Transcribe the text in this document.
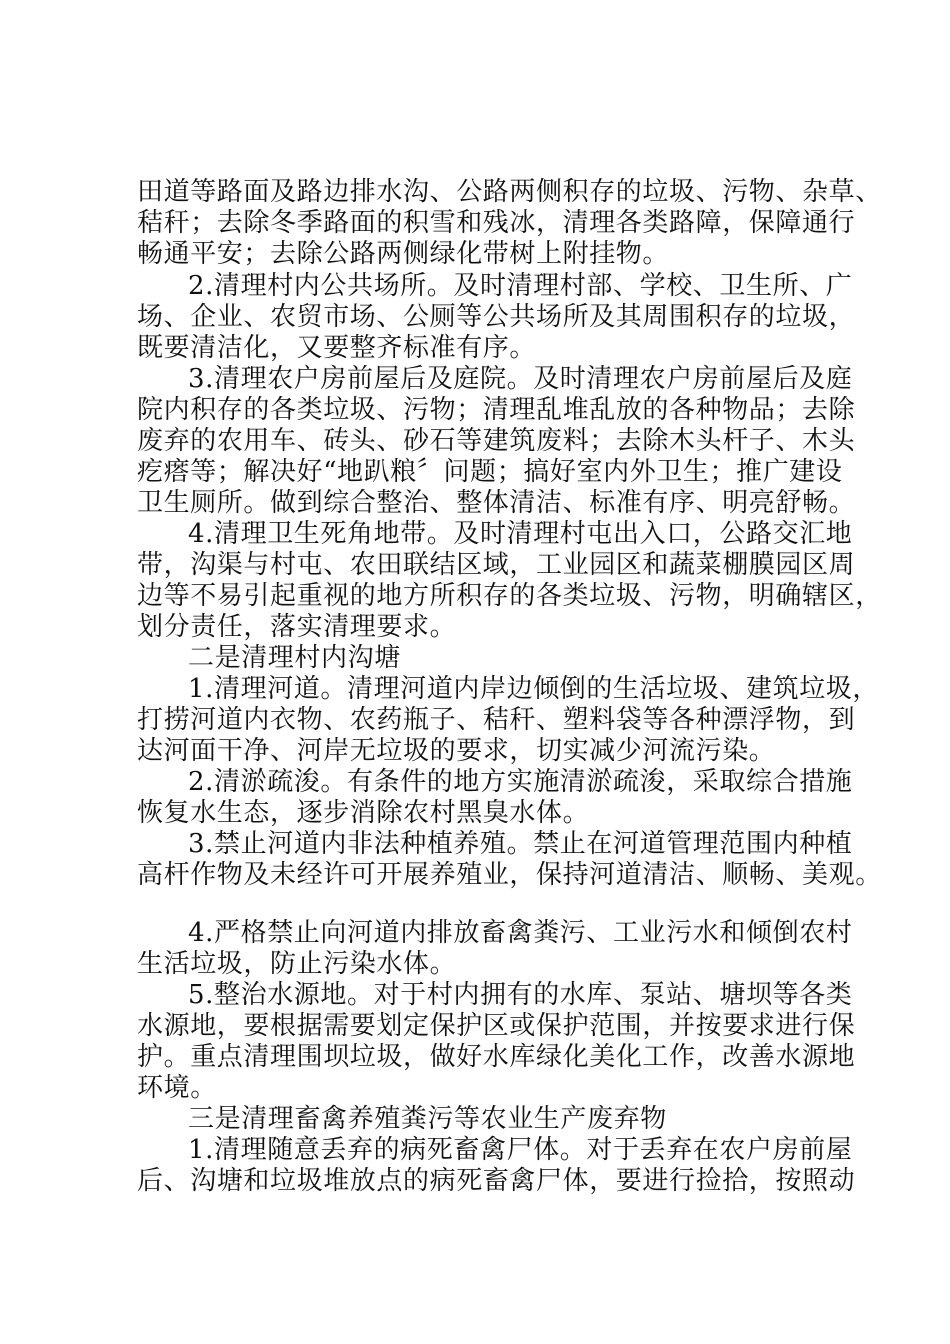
田道等路面及路边排水沟、公路两侧积存的垃圾、污物、杂草、
秸秆；去除冬季路面的积雪和残冰，清理各类路障，保障通行
畅通平安；去除公路两侧绿化带树上附挂物。
2.清理村内公共场所。及时清理村部、学校、卫生所、广
场、企业、农贸市场、公厕等公共场所及其周围积存的垃圾，
既要清洁化，又要整齐标准有序。
3.清理农户房前屋后及庭院。及时清理农户房前屋后及庭
院内积存的各类垃圾、污物；清理乱堆乱放的各种物品；去除
废弃的农用车、砖头、砂石等建筑废料；去除木头杆子、木头
疙瘩等；解决好“地趴粮〞问题；搞好室内外卫生；推广建设
卫生厕所。做到综合整治、整体清洁、标准有序、明亮舒畅。
4.清理卫生死角地带。及时清理村屯出入口，公路交汇地
带，沟渠与村屯、农田联结区域，工业园区和蔬菜棚膜园区周
边等不易引起重视的地方所积存的各类垃圾、污物，明确辖区，
划分责任，落实清理要求。
二是清理村内沟塘
1.清理河道。清理河道内岸边倾倒的生活垃圾、建筑垃圾，
打捞河道内衣物、农药瓶子、秸秆、塑料袋等各种漂浮物，到
达河面干净、河岸无垃圾的要求，切实减少河流污染。
2.清淤疏浚。有条件的地方实施清淤疏浚，采取综合措施
恢复水生态，逐步消除农村黑臭水体。
3.禁止河道内非法种植养殖。禁止在河道管理范围内种植
高杆作物及未经许可开展养殖业，保持河道清洁、顺畅、美观。
4.严格禁止向河道内排放畜禽粪污、工业污水和倾倒农村
生活垃圾，防止污染水体。
5.整治水源地。对于村内拥有的水库、泵站、塘坝等各类
水源地，要根据需要划定保护区或保护范围，并按要求进行保
护。重点清理围坝垃圾，做好水库绿化美化工作，改善水源地
环境。
三是清理畜禽养殖粪污等农业生产废弃物
1.清理随意丢弃的病死畜禽尸体。对于丢弃在农户房前屋
后、沟塘和垃圾堆放点的病死畜禽尸体，要进行捡拾，按照动
